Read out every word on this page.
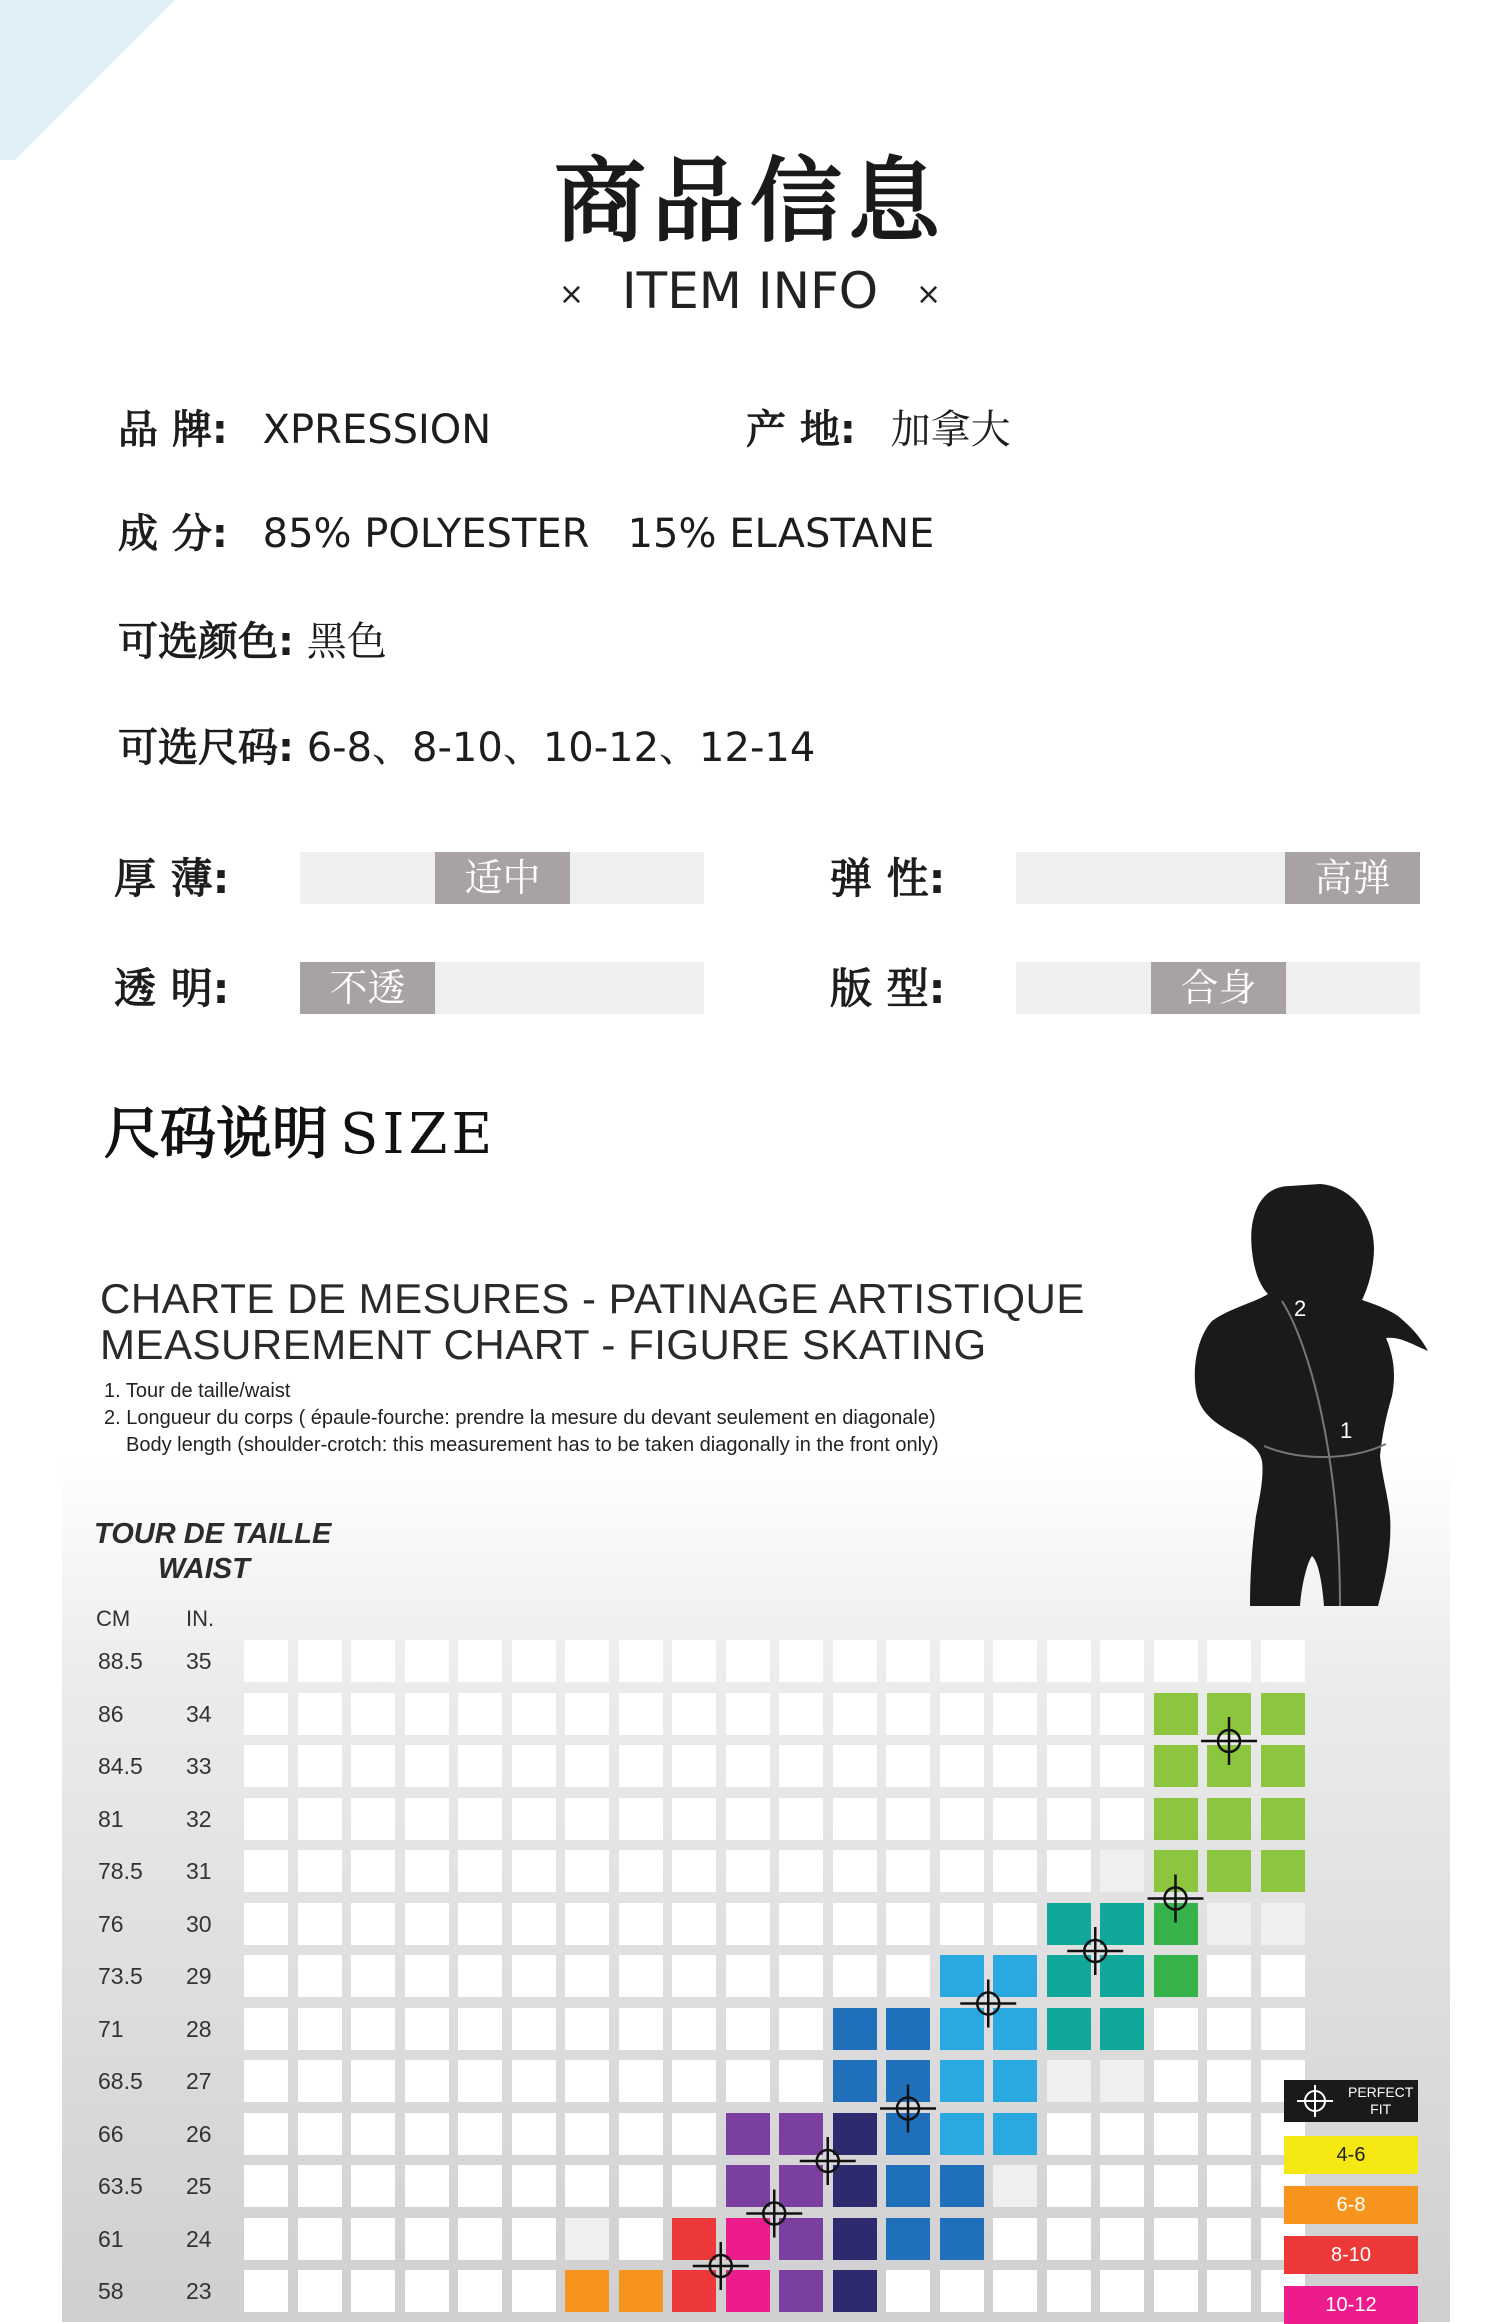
商品信息
× ITEM INFO ×
品 牌: XPRESSION	产 地: 加拿大
成 分: 85% POLYESTER   15% ELASTANE
可选颜色: 黑色
可选尺码: 6-8、8-10、10-12、12-14
厚 薄:	适中	弹 性:	高弹
透 明:	不透	版 型:	合身
尺码说明 SIZE
CHARTE DE MESURES - PATINAGE ARTISTIQUE
MEASUREMENT CHART - FIGURE SKATING
1. Tour de taille/waist
2. Longueur du corps ( épaule-fourche: prendre la mesure du devant seulement en diagonale)
Body length (shoulder-crotch: this measurement has to be taken diagonally in the front only)
2
1
TOUR DE TAILLE
WAIST
CM	IN.
88.5 35
86	34
84.5 33
81	32
78.5 31
76	30
73.5 29
71	28
68.5 27
66	26
63.5 25
61	24
58	23
PERFECT
FIT
4-6
6-8
8-10
10-12
